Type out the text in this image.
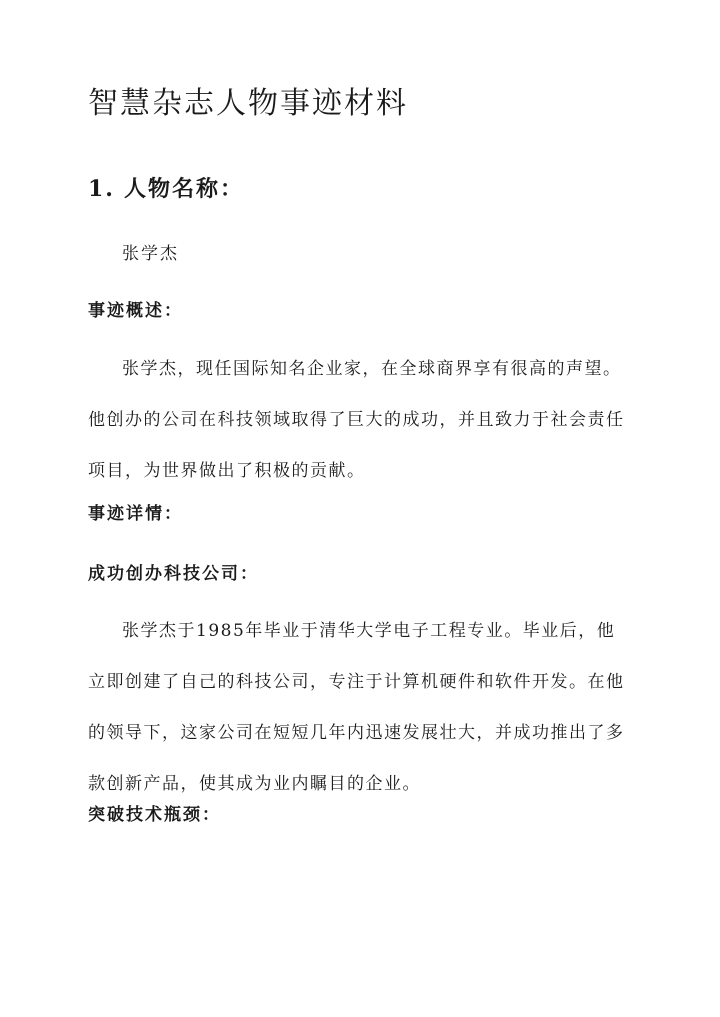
智慧杂志人物事迹材料
1. 人物名称：

张学杰

事迹概述：
张学杰，现任国际知名企业家，在全球商界享有很高的声望。
他创办的公司在科技领域取得了巨大的成功，并且致力于社会责任
项目，为世界做出了积极的贡献。
事迹详情：
成功创办科技公司：
张学杰于1985年毕业于清华大学电子工程专业。毕业后，他
立即创建了自己的科技公司，专注于计算机硬件和软件开发。在他
的领导下，这家公司在短短几年内迅速发展壮大，并成功推出了多
款创新产品，使其成为业内瞩目的企业。
突破技术瓶颈：
